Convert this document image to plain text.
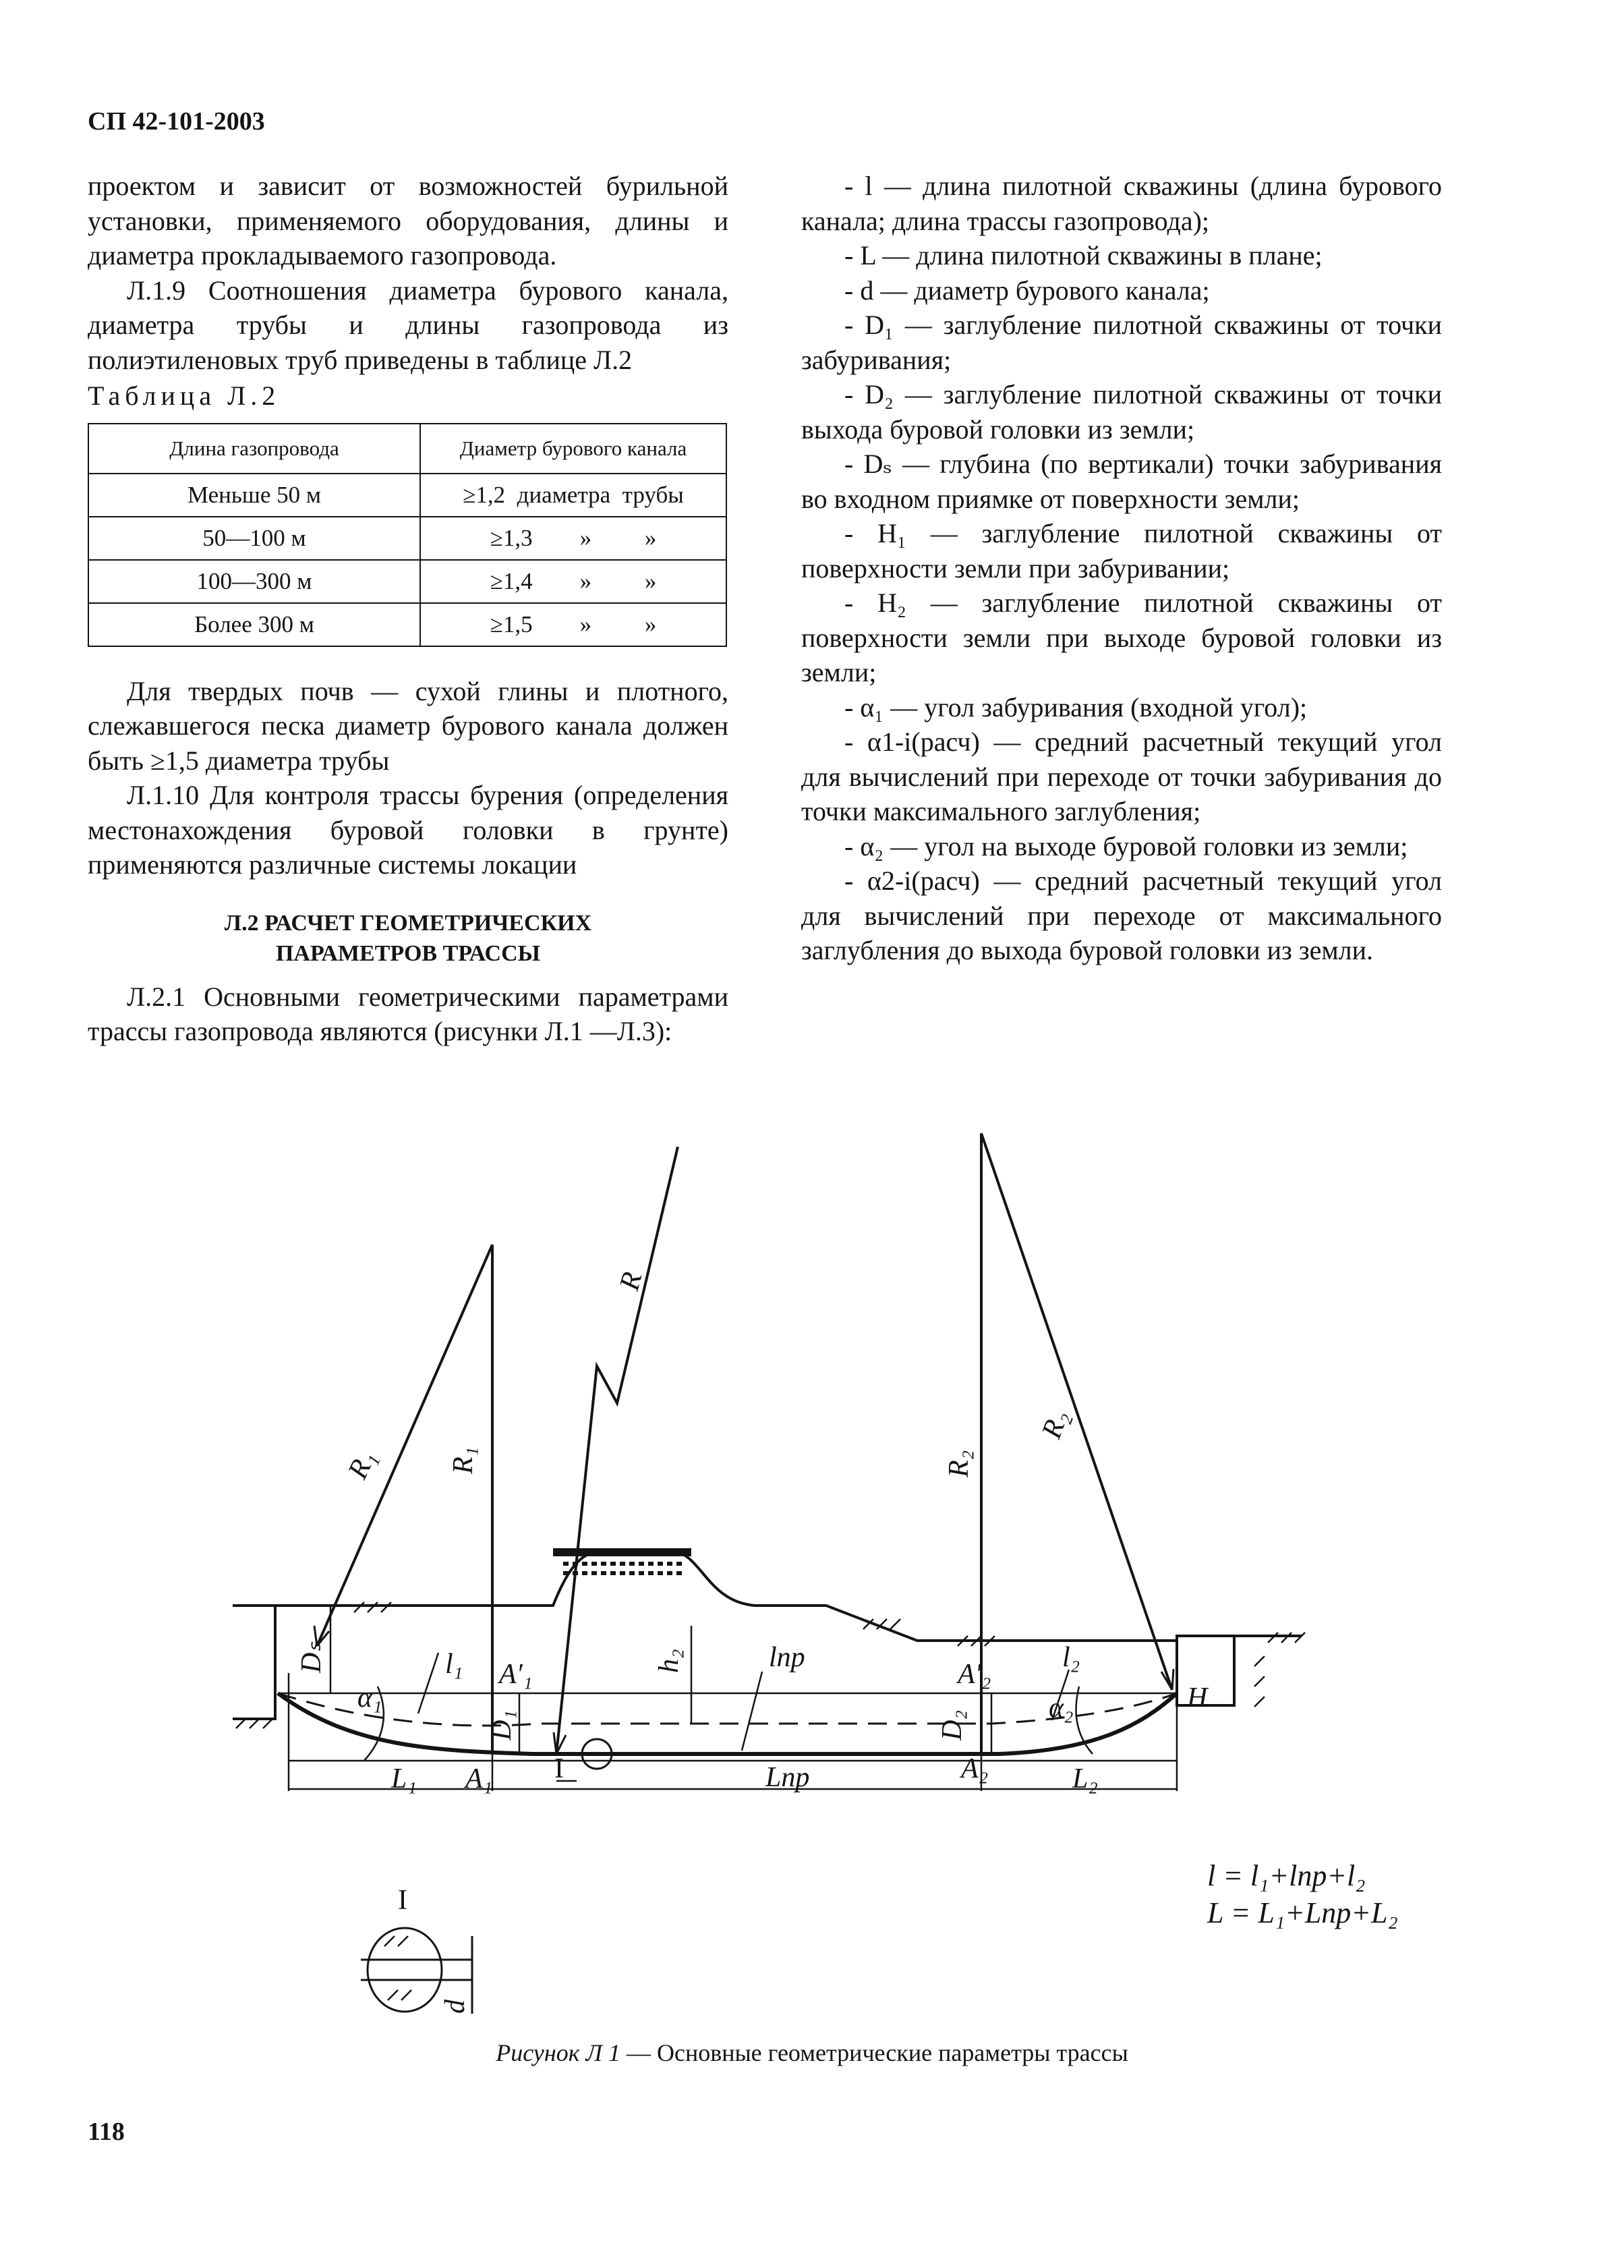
СП 42-101-2003

проектом и зависит от возможностей бурильной установки, применяемого оборудования, длины и диаметра прокладываемого газопровода.

Л.1.9 Соотношения диаметра бурового канала, диаметра трубы и длины газопровода из полиэтиленовых труб приведены в таблице Л.2

Таблица Л.2

Длина газопровода	Диаметр бурового канала
Меньше 50 м	≥1,2  диаметра  трубы
50—100 м	≥1,3        »         »
100—300 м	≥1,4        »         »
Более 300 м	≥1,5        »         »

Для твердых почв — сухой глины и плотного, слежавшегося песка диаметр бурового канала должен быть ≥1,5 диаметра трубы

Л.1.10 Для контроля трассы бурения (определения местонахождения буровой головки в грунте) применяются различные системы локации

Л.2 РАСЧЕТ ГЕОМЕТРИЧЕСКИХ
ПАРАМЕТРОВ ТРАССЫ

Л.2.1 Основными геометрическими параметрами трассы газопровода являются (рисунки Л.1 —Л.3):

- l — длина пилотной скважины (длина бурового канала; длина трассы газопровода);

- L — длина пилотной скважины в плане;

- d — диаметр бурового канала;

- D₁ — заглубление пилотной скважины от точки забуривания;

- D₂ — заглубление пилотной скважины от точки выхода буровой головки из земли;

- Dₛ — глубина (по вертикали) точки забуривания во входном приямке от поверхности земли;

- H₁ — заглубление пилотной скважины от поверхности земли при забуривании;

- H₂ — заглубление пилотной скважины от поверхности земли при выходе буровой головки из земли;

- α₁ — угол забуривания (входной угол);

- α1-i(расч) — средний расчетный текущий угол для вычислений при переходе от точки забуривания до точки максимального заглубления;

- α₂ — угол на выходе буровой головки из земли;

- α2-i(расч) — средний расчетный текущий угол для вычислений при переходе от максимального заглубления до выхода буровой головки из земли.

R
R₁ R₁	R₂
R₂
Dₛ
D₁	D₂
h₂
l₁	l₂
lпр
A′₁	A′₂
A₁	A₂
α₁	α₂
L₁	L₂
Lпр
H
I
I
d
l = l₁+lпр+l₂
L = L₁+Lпр+L₂
Рисунок Л 1 — Основные геометрические параметры трассы
118
